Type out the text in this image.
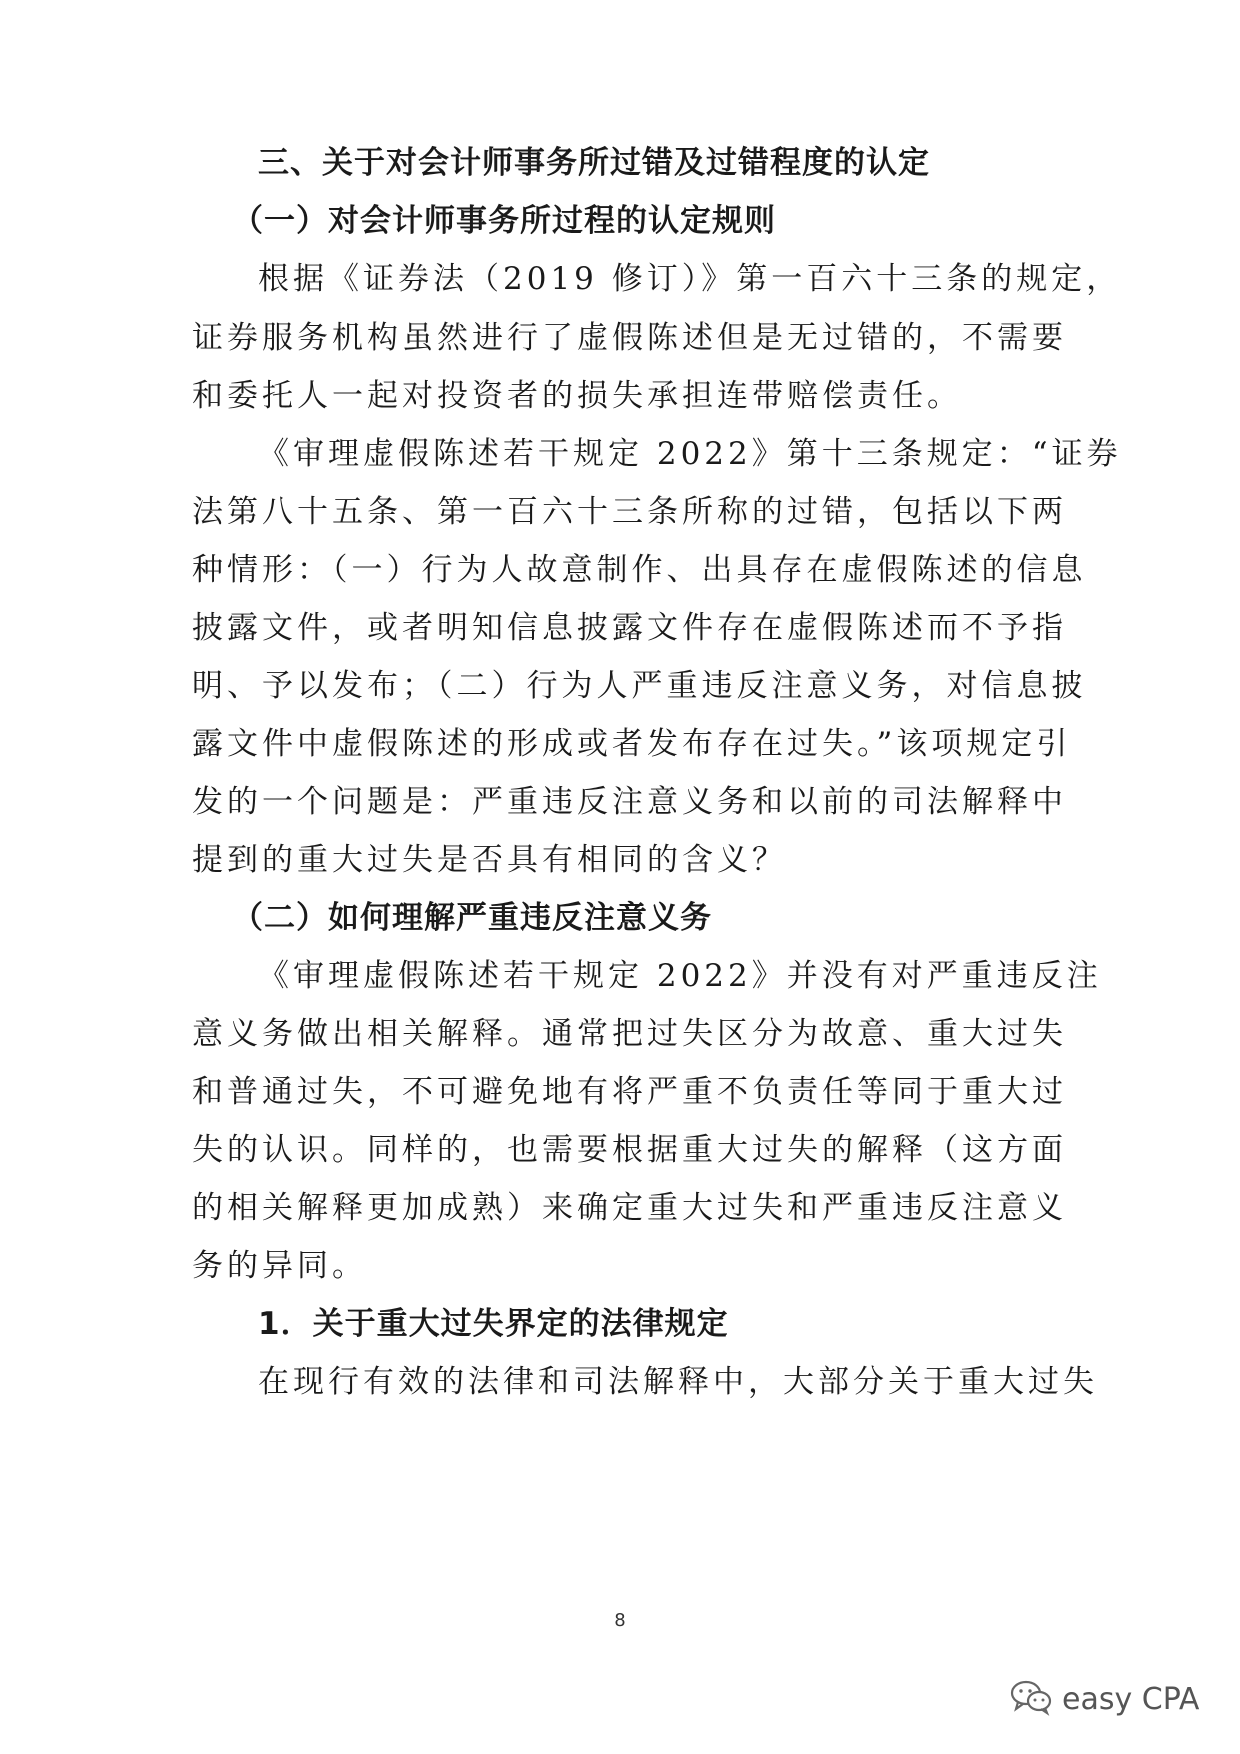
三、关于对会计师事务所过错及过错程度的认定
（一）对会计师事务所过程的认定规则
根据《证券法（2019 修订）》第一百六十三条的规定，
证券服务机构虽然进行了虚假陈述但是无过错的，不需要
和委托人一起对投资者的损失承担连带赔偿责任。
《审理虚假陈述若干规定 2022》第十三条规定：“证券
法第八十五条、第一百六十三条所称的过错，包括以下两
种情形：（一）行为人故意制作、出具存在虚假陈述的信息
披露文件，或者明知信息披露文件存在虚假陈述而不予指
明、予以发布；（二）行为人严重违反注意义务，对信息披
露文件中虚假陈述的形成或者发布存在过失。”该项规定引
发的一个问题是：严重违反注意义务和以前的司法解释中
提到的重大过失是否具有相同的含义？
（二）如何理解严重违反注意义务
《审理虚假陈述若干规定 2022》并没有对严重违反注
意义务做出相关解释。通常把过失区分为故意、重大过失
和普通过失，不可避免地有将严重不负责任等同于重大过
失的认识。同样的，也需要根据重大过失的解释（这方面
的相关解释更加成熟）来确定重大过失和严重违反注意义
务的异同。
1．关于重大过失界定的法律规定
在现行有效的法律和司法解释中，大部分关于重大过失
8
easy CPA
